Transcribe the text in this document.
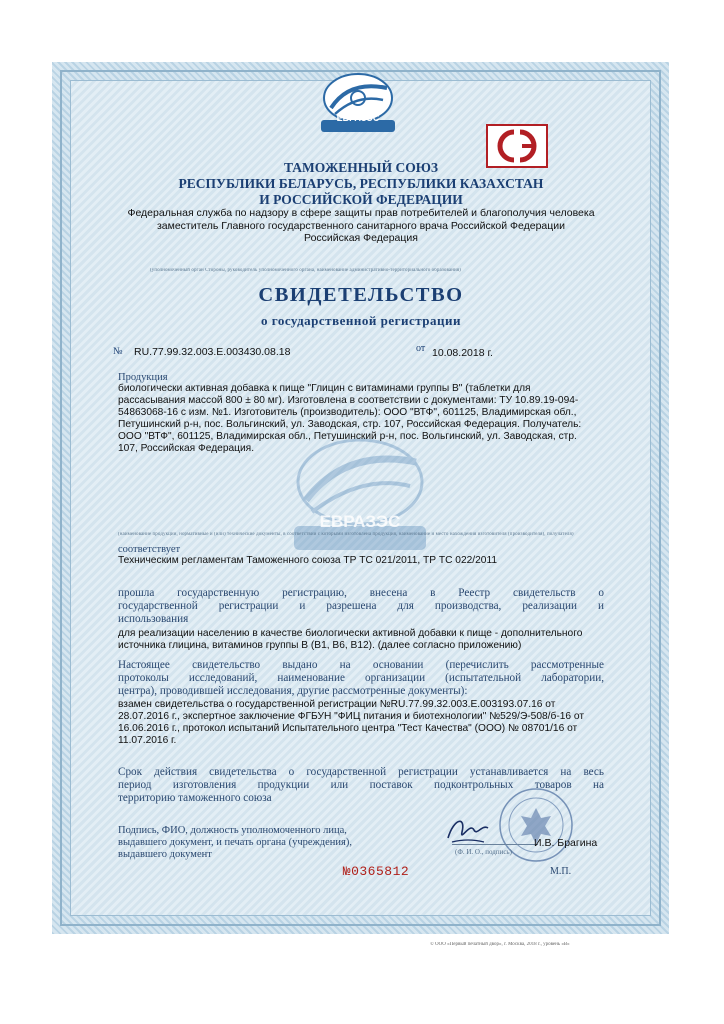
ЕВРАЗЭС
ТАМОЖЕННЫЙ СОЮЗ
РЕСПУБЛИКИ БЕЛАРУСЬ, РЕСПУБЛИКИ КАЗАХСТАН
И РОССИЙСКОЙ ФЕДЕРАЦИИ
Федеральная служба по надзору в сфере защиты прав потребителей и благополучия человека
заместитель Главного государственного санитарного врача Российской Федерации
Российская Федерация
(уполномоченный орган Стороны, руководитель уполномоченного органа, наименование административно-территориального образования)
СВИДЕТЕЛЬСТВО
о государственной регистрации
№ RU.77.99.32.003.Е.003430.08.18	от 10.08.2018 г.
ЕВРАЗЭС
Продукция
биологически активная добавка к пище "Глицин с витаминами группы В" (таблетки для
рассасывания массой 800 ± 80 мг). Изготовлена в соответствии с документами: ТУ 10.89.19-094-
54863068-16 с изм. №1. Изготовитель (производитель): ООО "ВТФ", 601125, Владимирская обл.,
Петушинский р-н, пос. Вольгинский, ул. Заводская, стр. 107, Российская Федерация. Получатель:
ООО "ВТФ", 601125, Владимирская обл., Петушинский р-н, пос. Вольгинский, ул. Заводская, стр.
107, Российская Федерация.
(наименование продукции, нормативные и (или) технические документы, в соответствии с которыми изготовлена продукция, наименование и место нахождения изготовителя (производителя), получателя)
соответствует
Техническим регламентам Таможенного союза ТР ТС 021/2011, ТР ТС 022/2011
прошла государственную регистрацию, внесена в Реестр свидетельств о
государственной регистрации и разрешена для производства, реализации и
использования
для реализации населению в качестве биологически активной добавки к пище - дополнительного
источника глицина, витаминов группы В (В1, В6, В12). (далее согласно приложению)
Настоящее свидетельство выдано на основании (перечислить рассмотренные
протоколы исследований, наименование организации (испытательной лаборатории,
центра), проводившей исследования, другие рассмотренные документы):
взамен свидетельства о государственной регистрации №RU.77.99.32.003.Е.003193.07.16 от
28.07.2016 г., экспертное заключение ФГБУН "ФИЦ питания и биотехнологии" №529/Э-508/б-16 от
16.06.2016 г., протокол испытаний Испытательного центра "Тест Качества" (ООО) № 08701/16 от
11.07.2016 г.
Срок действия свидетельства о государственной регистрации устанавливается на весь
период изготовления продукции или поставок подконтрольных товаров на
территорию таможенного союза
Подпись, ФИО, должность уполномоченного лица,
выдавшего документ, и печать органа (учреждения),
выдавшего документ
И.В. Брагина
(Ф. И. О., подпись)
М.П.
№0365812
© ООО «Первый печатный двор», г. Москва, 2018 г., уровень «В»
